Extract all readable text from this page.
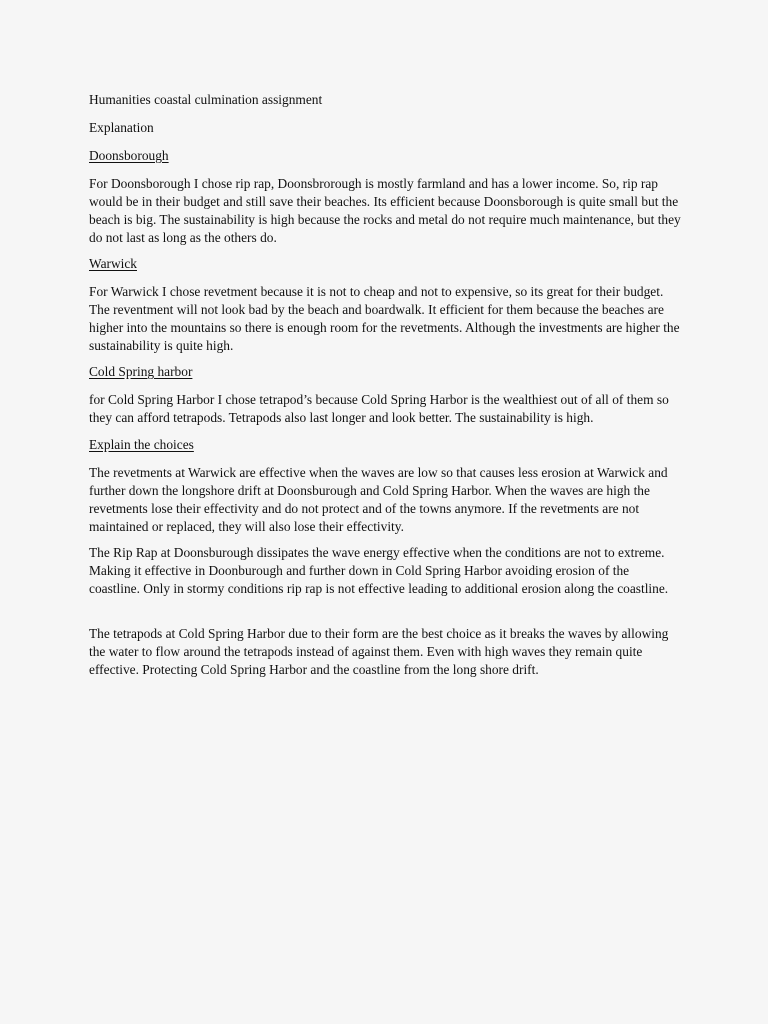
Humanities coastal culmination assignment

Explanation

Doonsborough

For Doonsborough I chose rip rap, Doonsbrorough is mostly farmland and has a lower income. So, rip rap would be in their budget and still save their beaches. Its efficient because Doonsborough is quite small but the beach is big. The sustainability is high because the rocks and metal do not require much maintenance, but they do not last as long as the others do.

Warwick

For Warwick I chose revetment because it is not to cheap and not to expensive, so its great for their budget. The reventment will not look bad by the beach and boardwalk. It efficient for them because the beaches are higher into the mountains so there is enough room for the revetments. Although the investments are higher the sustainability is quite high.

Cold Spring harbor

for Cold Spring Harbor I chose tetrapod’s because Cold Spring Harbor is the wealthiest out of all of them so they can afford tetrapods. Tetrapods also last longer and look better. The sustainability is high.

Explain the choices

The revetments at Warwick are effective when the waves are low so that causes less erosion at Warwick and further down the longshore drift at Doonsburough and Cold Spring Harbor. When the waves are high the revetments lose their effectivity and do not protect and of the towns anymore. If the revetments are not maintained or replaced, they will also lose their effectivity.

The Rip Rap at Doonsburough dissipates the wave energy effective when the conditions are not to extreme. Making it effective in Doonburough and further down in Cold Spring Harbor avoiding erosion of the coastline. Only in stormy conditions rip rap is not effective leading to additional erosion along the coastline.

The tetrapods at Cold Spring Harbor due to their form are the best choice as it breaks the waves by allowing the water to flow around the tetrapods instead of against them. Even with high waves they remain quite effective. Protecting Cold Spring Harbor and the coastline from the long shore drift.
